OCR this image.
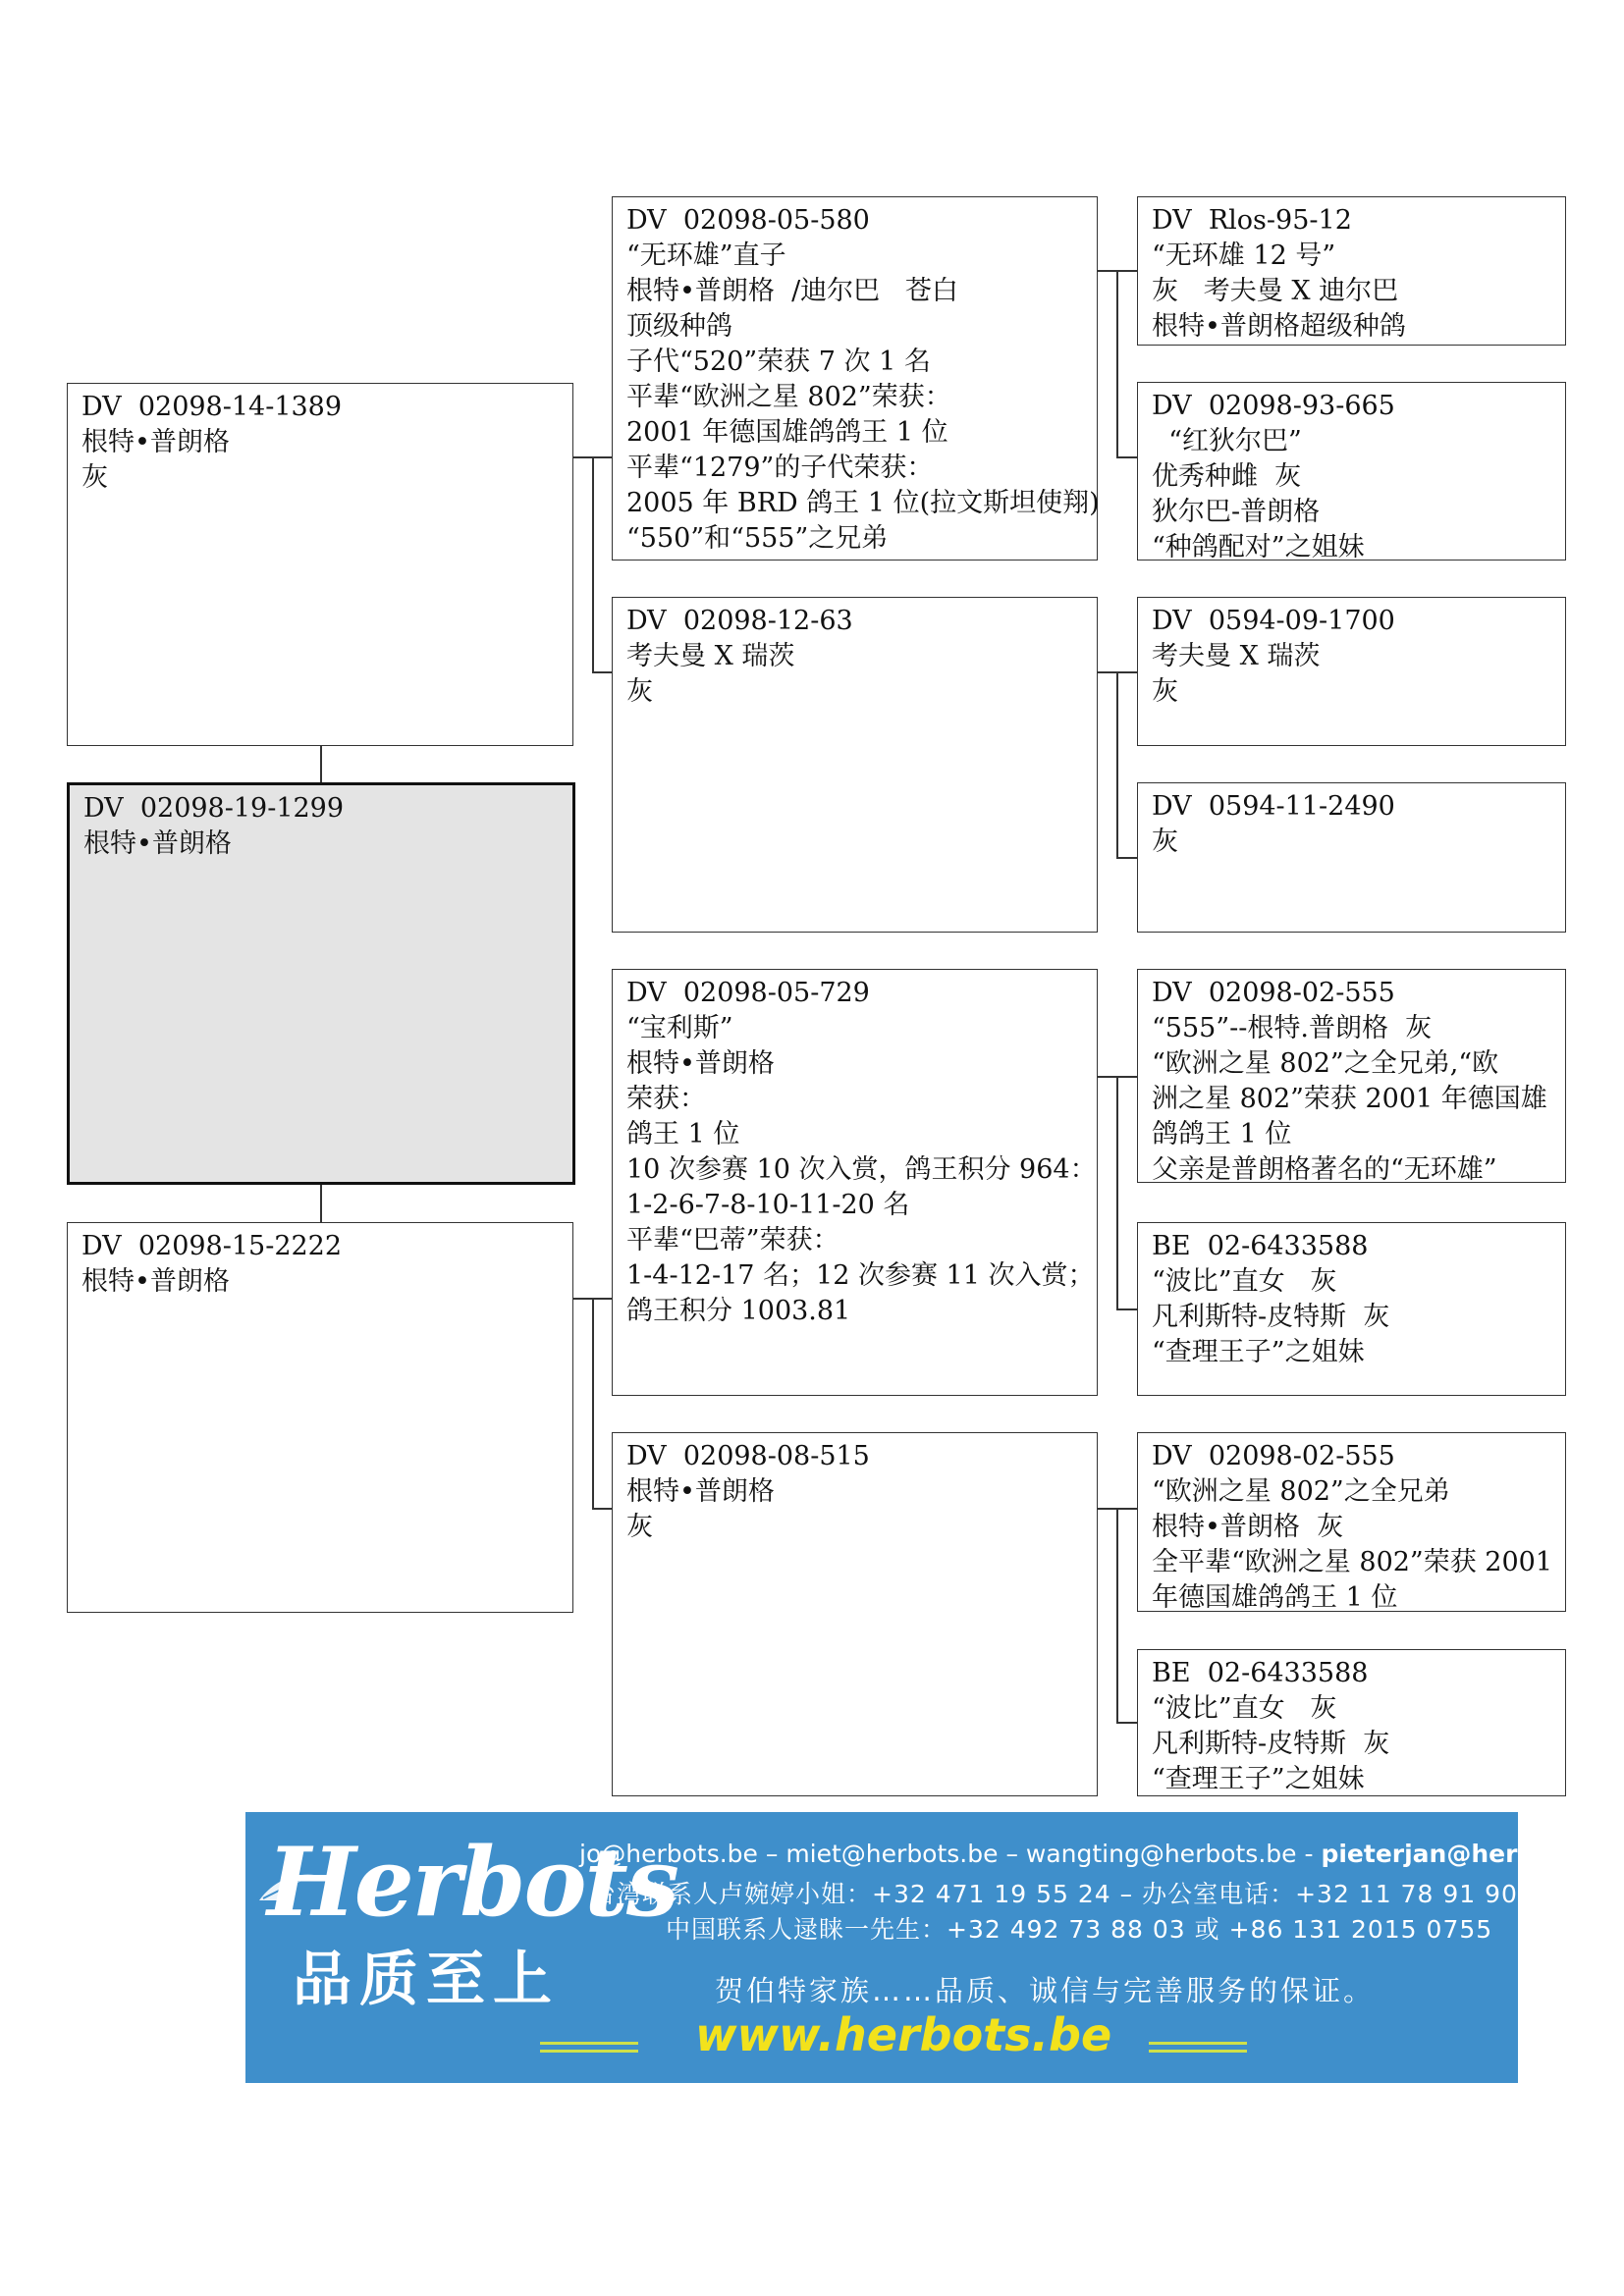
DV  02098-19-1299
根特•普朗格
DV  02098-14-1389
根特•普朗格
灰
DV  02098-15-2222
根特•普朗格
DV  02098-05-580
“无环雄”直子
根特•普朗格  /迪尔巴   苍白
顶级种鸽
子代“520”荣获 7 次 1 名
平辈“欧洲之星 802”荣获：
2001 年德国雄鸽鸽王 1 位
平辈“1279”的子代荣获：
2005 年 BRD 鸽王 1 位(拉文斯坦使翔)
“550”和“555”之兄弟
DV  02098-12-63
考夫曼 X 瑞茨
灰
DV  02098-05-729
“宝利斯”
根特•普朗格
荣获：
鸽王 1 位
10 次参赛 10 次入赏，鸽王积分 964：
1-2-6-7-8-10-11-20 名
平辈“巴蒂”荣获：
1-4-12-17 名；12 次参赛 11 次入赏；
鸽王积分 1003.81
DV  02098-08-515
根特•普朗格
灰
DV  Rlos-95-12
“无环雄 12 号”
灰   考夫曼 X 迪尔巴
根特•普朗格超级种鸽
DV  02098-93-665
“红狄尔巴”
优秀种雌  灰
狄尔巴-普朗格
“种鸽配对”之姐妹
DV  0594-09-1700
考夫曼 X 瑞茨
灰
DV  0594-11-2490
灰
DV  02098-02-555
“555”--根特.普朗格  灰
“欧洲之星 802”之全兄弟,“欧
洲之星 802”荣获 2001 年德国雄
鸽鸽王 1 位
父亲是普朗格著名的“无环雄”
BE  02-6433588
“波比”直女   灰
凡利斯特-皮特斯  灰
“查理王子”之姐妹
DV  02098-02-555
“欧洲之星 802”之全兄弟
根特•普朗格  灰
全平辈“欧洲之星 802”荣获 2001
年德国雄鸽鸽王 1 位
BE  02-6433588
“波比”直女   灰
凡利斯特-皮特斯  灰
“查理王子”之姐妹
Herbots
品质至上
jo@herbots.be – miet@herbots.be – wangting@herbots.be - pieterjan@herbots.be
台湾联系人卢婉婷小姐：+32 471 19 55 24 – 办公室电话：+32 11 78 91 90
中国联系人逯睐一先生：+32 492 73 88 03 或 +86 131 2015 0755
贺伯特家族……品质、诚信与完善服务的保证。
www.herbots.be
